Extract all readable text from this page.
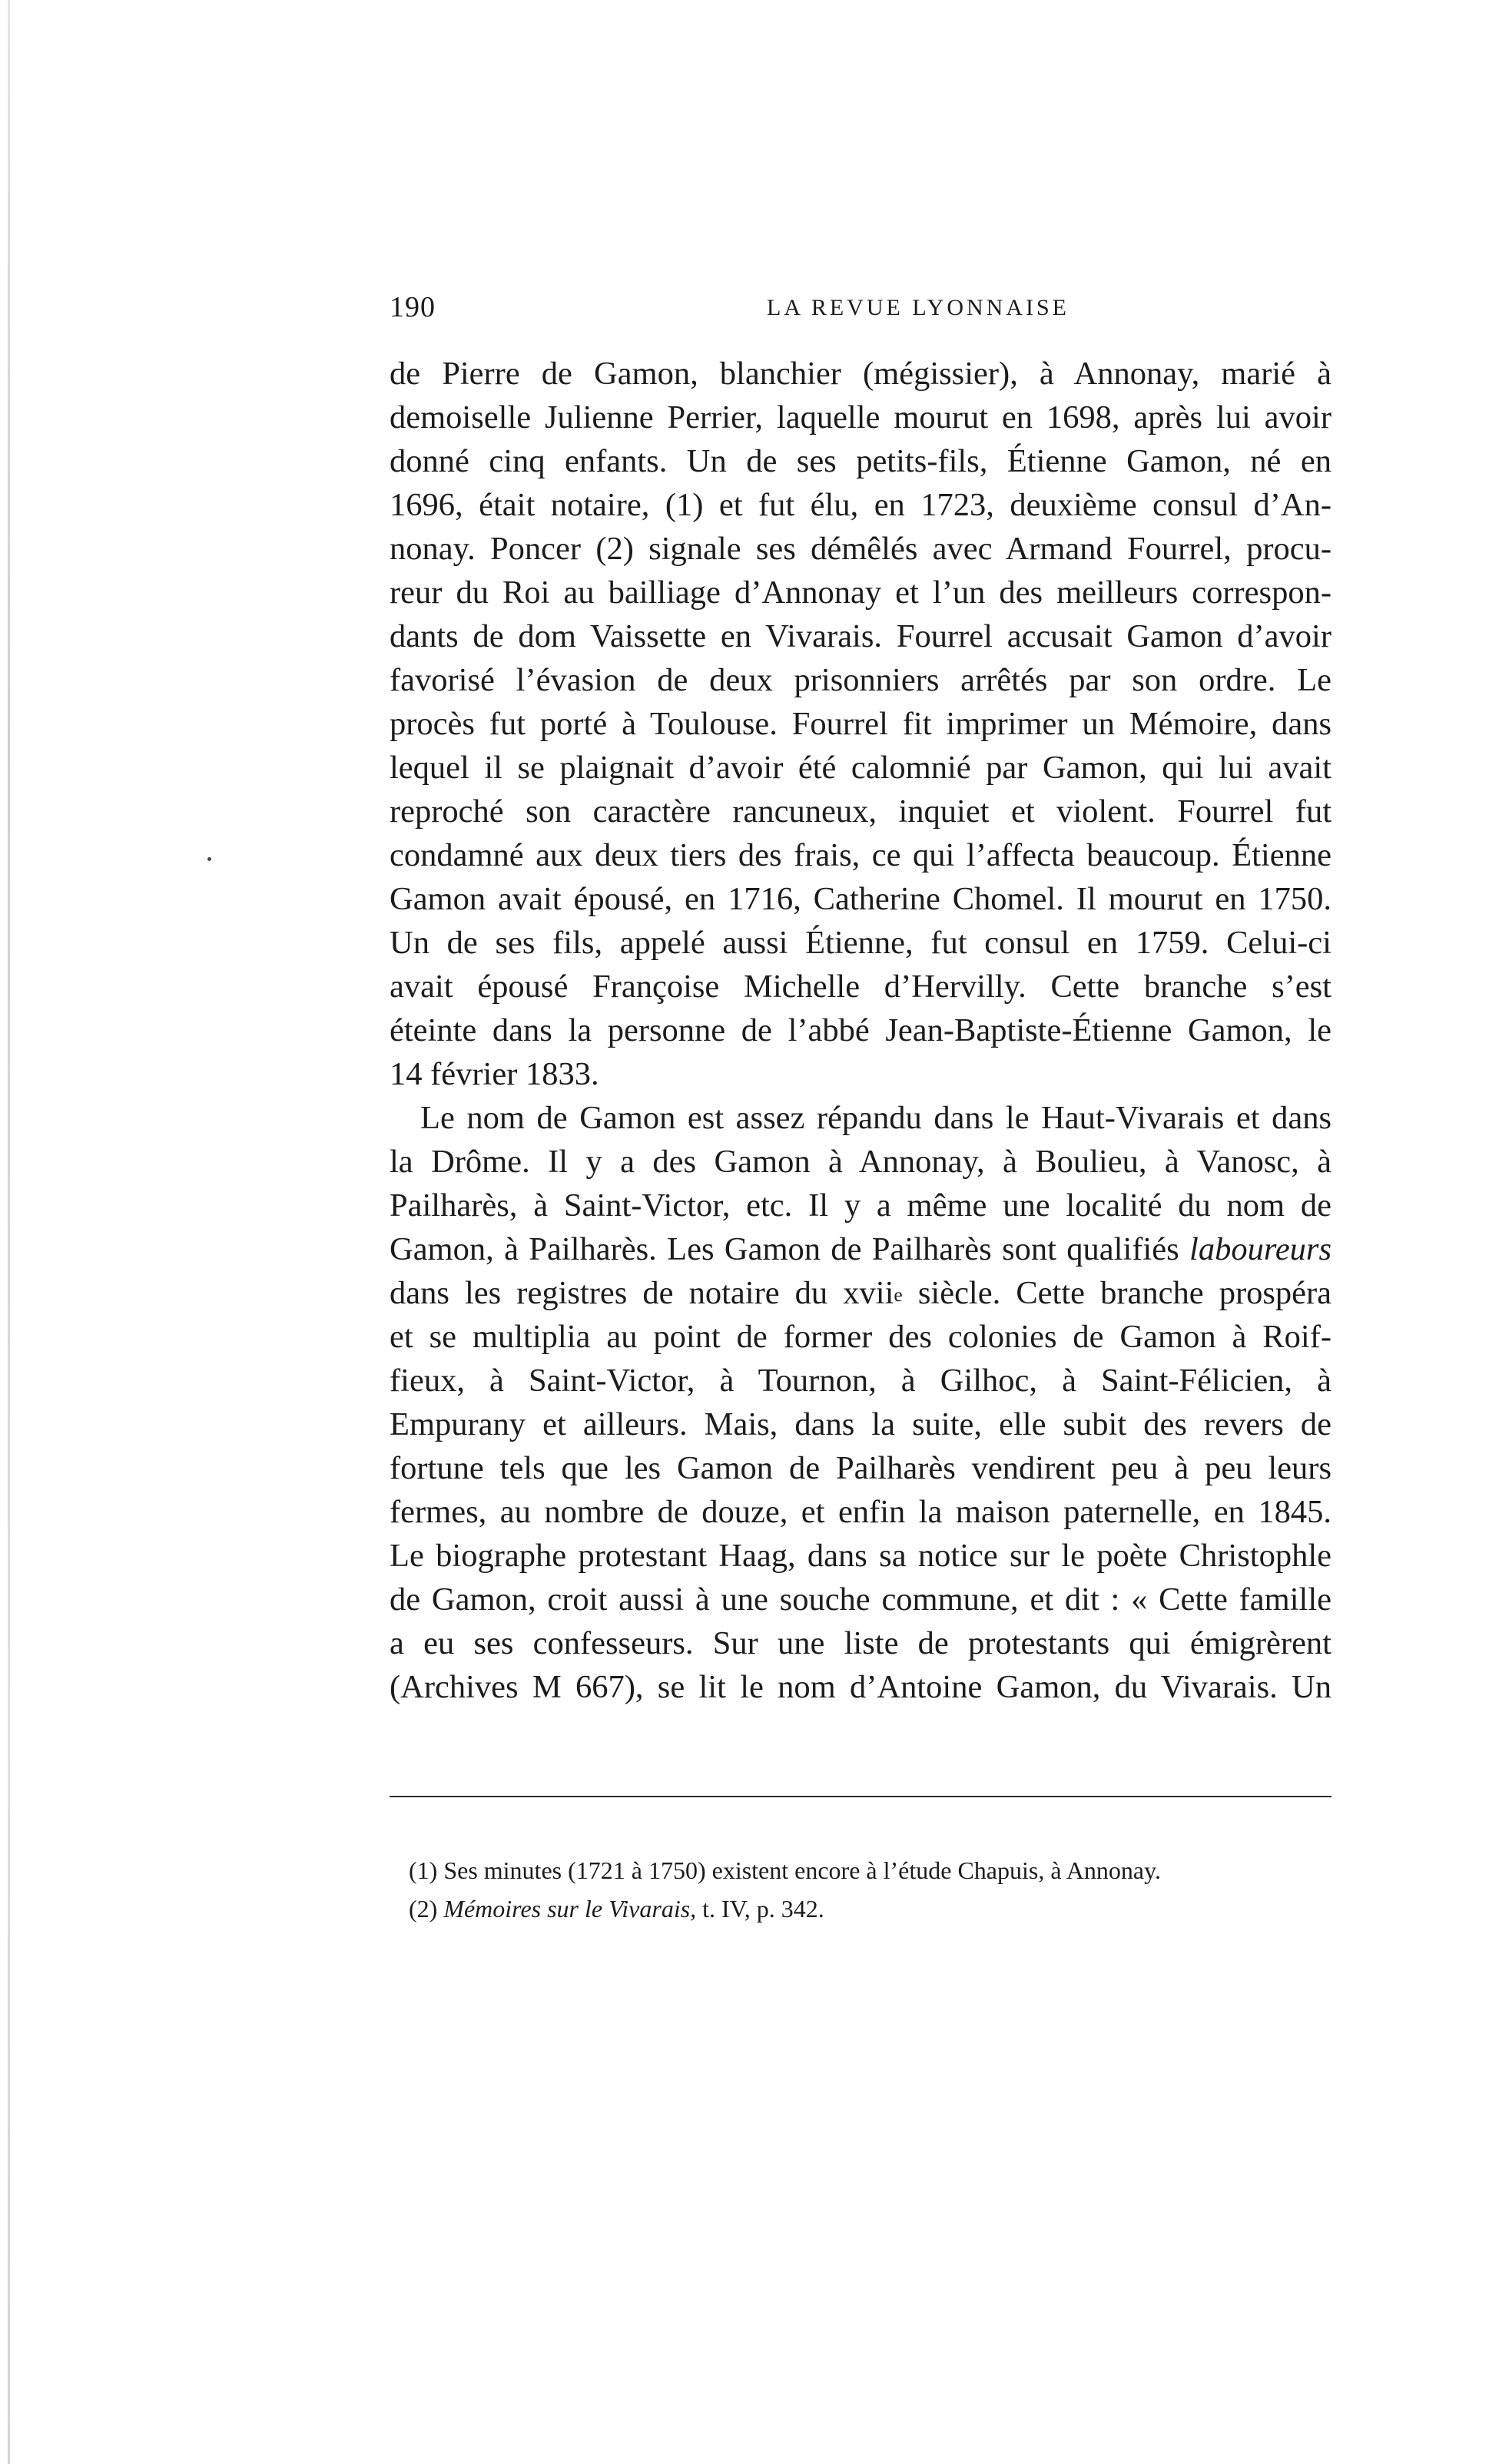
190	LA REVUE LYONNAISE
de Pierre de Gamon, blanchier (mégissier), à Annonay, marié à
demoiselle Julienne Perrier, laquelle mourut en 1698, après lui avoir
donné cinq enfants. Un de ses petits-fils, Étienne Gamon, né en
1696, était notaire, (1) et fut élu, en 1723, deuxième consul d’An-
nonay. Poncer (2) signale ses démêlés avec Armand Fourrel, procu-
reur du Roi au bailliage d’Annonay et l’un des meilleurs correspon-
dants de dom Vaissette en Vivarais. Fourrel accusait Gamon d’avoir
favorisé l’évasion de deux prisonniers arrêtés par son ordre. Le
procès fut porté à Toulouse. Fourrel fit imprimer un Mémoire, dans
lequel il se plaignait d’avoir été calomnié par Gamon, qui lui avait
reproché son caractère rancuneux, inquiet et violent. Fourrel fut
condamné aux deux tiers des frais, ce qui l’affecta beaucoup. Étienne
Gamon avait épousé, en 1716, Catherine Chomel. Il mourut en 1750.
Un de ses fils, appelé aussi Étienne, fut consul en 1759. Celui-ci
avait épousé Françoise Michelle d’Hervilly. Cette branche s’est
éteinte dans la personne de l’abbé Jean-Baptiste-Étienne Gamon, le
14 février 1833.
Le nom de Gamon est assez répandu dans le Haut-Vivarais et dans
la Drôme. Il y a des Gamon à Annonay, à Boulieu, à Vanosc, à
Pailharès, à Saint-Victor, etc. Il y a même une localité du nom de
Gamon, à Pailharès. Les Gamon de Pailharès sont qualifiés laboureurs
dans les registres de notaire du xvii$^e$ siècle. Cette branche prospéra
et se multiplia au point de former des colonies de Gamon à Roif-
fieux, à Saint-Victor, à Tournon, à Gilhoc, à Saint-Félicien, à
Empurany et ailleurs. Mais, dans la suite, elle subit des revers de
fortune tels que les Gamon de Pailharès vendirent peu à peu leurs
fermes, au nombre de douze, et enfin la maison paternelle, en 1845.
Le biographe protestant Haag, dans sa notice sur le poète Christophle
de Gamon, croit aussi à une souche commune, et dit : « Cette famille
a eu ses confesseurs. Sur une liste de protestants qui émigrèrent
(Archives M 667), se lit le nom d’Antoine Gamon, du Vivarais. Un
(1) Ses minutes (1721 à 1750) existent encore à l’étude Chapuis, à Annonay.
(2) Mémoires sur le Vivarais, t. IV, p. 342.
